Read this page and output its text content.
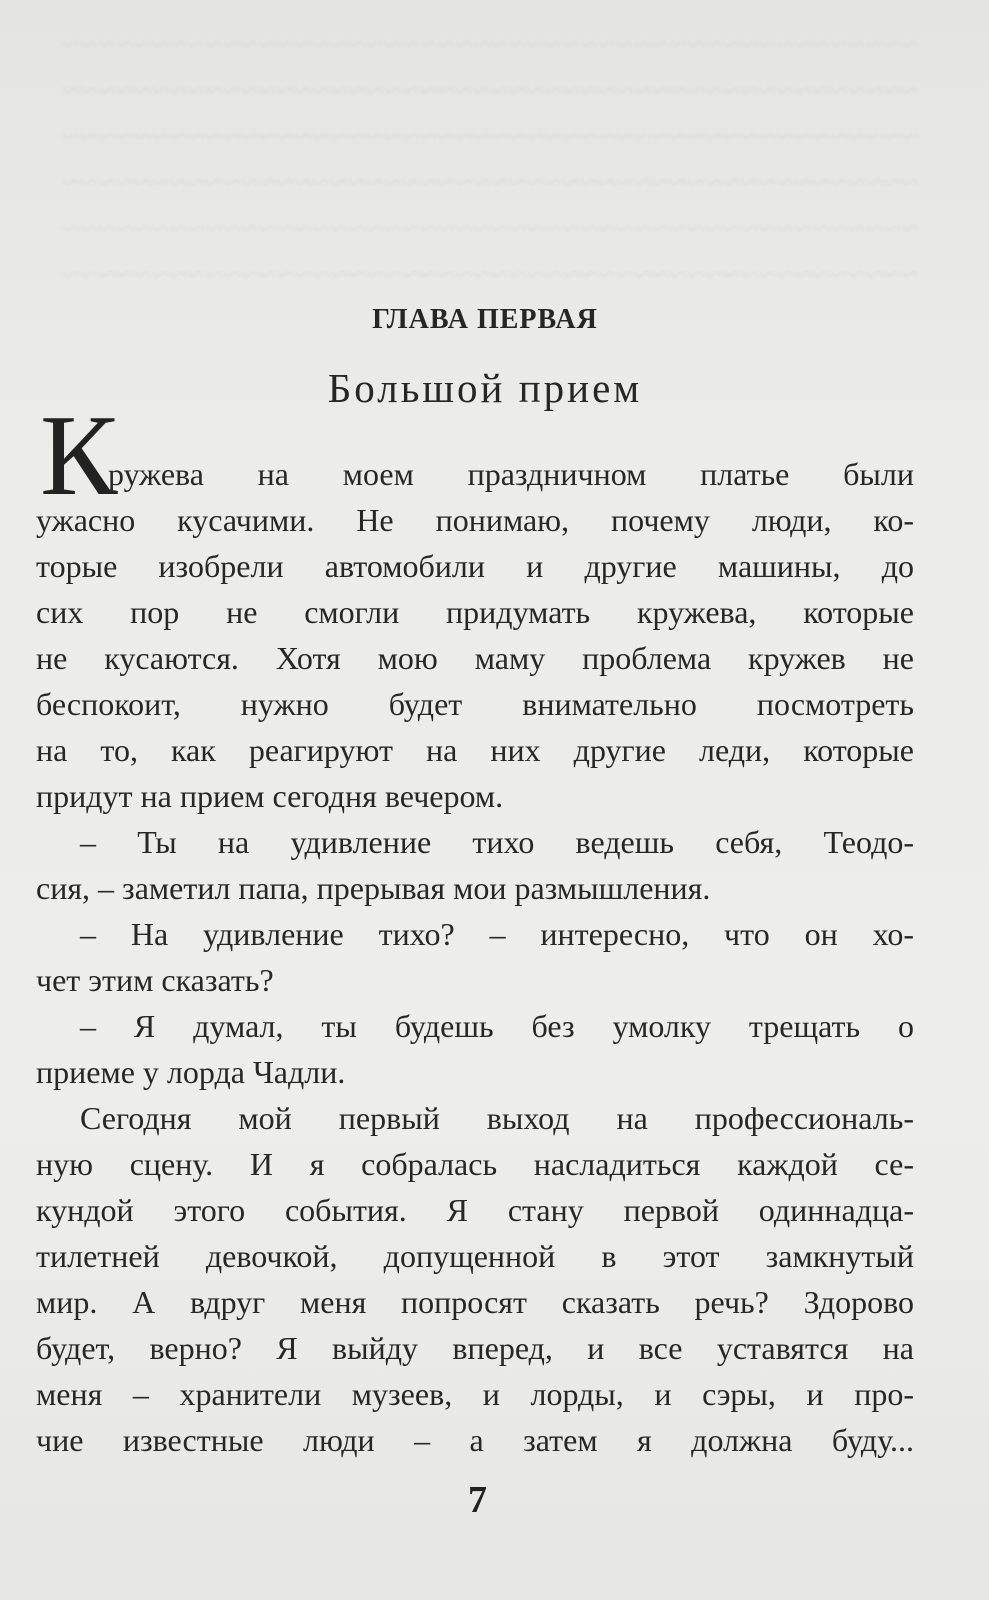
~~~~~~~~~~~~~~~~~~~~~~~~~~~~~~~~~~~~~~~~~~~~~~~~
~~~~~~~~~~~~~~~~~~~~~~~~~~~~~~~~~~~~~~~~~~~~~~~~
~~~~~~~~~~~~~~~~~~~~~~~~~~~~~~~~~~~~~~~~~~~~~~~~
~~~~~~~~~~~~~~~~~~~~~~~~~~~~~~~~~~~~~~~~~~~~~~~~
~~~~~~~~~~~~~~~~~~~~~~~~~~~~~~~~~~~~~~~~~~~~~~~~
~~~~~~~~~~~~~~~~~~~~~~~~~~~~~~~~~~~~~~~~~~~~~~~~
ГЛАВА ПЕРВАЯ
Большой прием
К
ружева на моем праздничном платье были
ужасно кусачими. Не понимаю, почему люди, ко-
торые изобрели автомобили и другие машины, до
сих пор не смогли придумать кружева, которые
не кусаются. Хотя мою маму проблема кружев не
беспокоит, нужно будет внимательно посмотреть
на то, как реагируют на них другие леди, которые
придут на прием сегодня вечером.
– Ты на удивление тихо ведешь себя, Теодо-
сия, – заметил папа, прерывая мои размышления.
– На удивление тихо? – интересно, что он хо-
чет этим сказать?
– Я думал, ты будешь без умолку трещать о
приеме у лорда Чадли.
Сегодня мой первый выход на профессиональ-
ную сцену. И я собралась насладиться каждой се-
кундой этого события. Я стану первой одиннадца-
тилетней девочкой, допущенной в этот замкнутый
мир. А вдруг меня попросят сказать речь? Здорово
будет, верно? Я выйду вперед, и все уставятся на
меня – хранители музеев, и лорды, и сэры, и про-
чие известные люди – а затем я должна буду...
7
